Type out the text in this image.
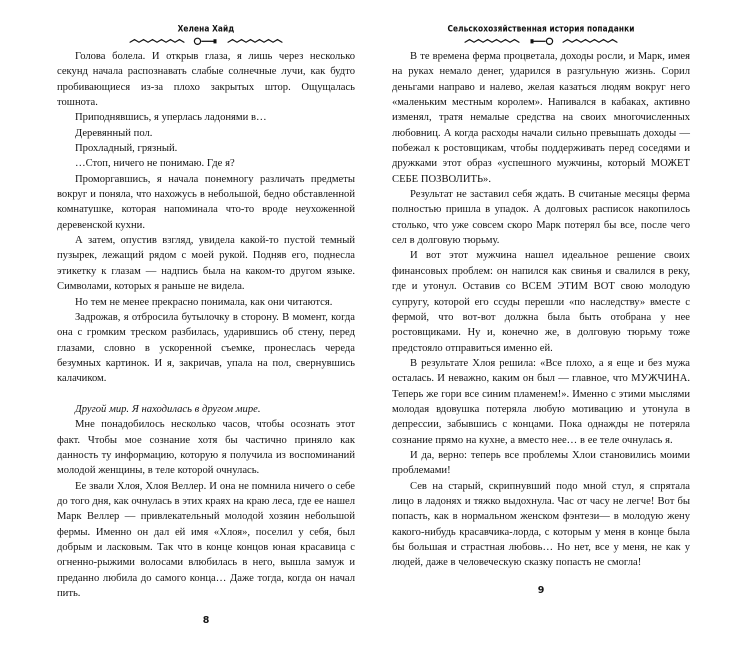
Хелена Хайд

Голова болела. И открыв глаза, я лишь через несколько секунд начала распознавать слабые солнечные лучи, как будто пробивающиеся из-за плохо закрытых штор. Ощущалась тошнота.

Приподнявшись, я уперлась ладонями в…

Деревянный пол.

Прохладный, грязный.

…Стоп, ничего не понимаю. Где я?

Проморгавшись, я начала понемногу различать предметы вокруг и поняла, что нахожусь в небольшой, бедно обставленной комнатушке, которая напоминала что-то вроде неухоженной деревенской кухни.

А затем, опустив взгляд, увидела какой-то пустой темный пузырек, лежащий рядом с моей рукой. Подняв его, поднесла этикетку к глазам — надпись была на каком-то другом языке. Символами, которых я раньше не видела.

Но тем не менее прекрасно понимала, как они читаются.

Задрожав, я отбросила бутылочку в сторону. В момент, когда она с громким треском разбилась, ударившись об стену, перед глазами, словно в ускоренной съемке, пронеслась череда безумных картинок. И я, закричав, упала на пол, свернувшись калачиком.

Другой мир. Я находилась в другом мире.

Мне понадобилось несколько часов, чтобы осознать этот факт. Чтобы мое сознание хотя бы частично приняло как данность ту информацию, которую я получила из воспоминаний молодой женщины, в теле которой очнулась.

Ее звали Хлоя, Хлоя Веллер. И она не помнила ничего о себе до того дня, как очнулась в этих краях на краю леса, где ее нашел Марк Веллер — привлекательный молодой хозяин небольшой фермы. Именно он дал ей имя «Хлоя», поселил у себя, был добрым и ласковым. Так что в конце концов юная красавица с огненно-рыжими волосами влюбилась в него, вышла замуж и преданно любила до самого конца… Даже тогда, когда он начал пить.

8
Сельскохозяйственная история попаданки

В те времена ферма процветала, доходы росли, и Марк, имея на руках немало денег, ударился в разгульную жизнь. Сорил деньгами направо и налево, желая казаться людям вокруг него «маленьким местным королем». Напивался в кабаках, активно изменял, тратя немалые средства на своих многочисленных любовниц. А когда расходы начали сильно превышать доходы — побежал к ростовщикам, чтобы поддерживать перед соседями и дружками этот образ «успешного мужчины, который МОЖЕТ СЕБЕ ПОЗВОЛИТЬ».

Результат не заставил себя ждать. В считаные месяцы ферма полностью пришла в упадок. А долговых расписок накопилось столько, что уже совсем скоро Марк потерял бы все, после чего сел в долговую тюрьму.

И вот этот мужчина нашел идеальное решение своих финансовых проблем: он напился как свинья и свалился в реку, где и утонул. Оставив со ВСЕМ ЭТИМ ВОТ свою молодую супругу, которой его ссуды перешли «по наследству» вместе с фермой, что вот-вот должна была быть отобрана у нее ростовщиками. Ну и, конечно же, в долговую тюрьму тоже предстояло отправиться именно ей.

В результате Хлоя решила: «Все плохо, а я еще и без мужа осталась. И неважно, каким он был — главное, что МУЖЧИНА. Теперь же гори все синим пламенем!». Именно с этими мыслями молодая вдовушка потеряла любую мотивацию и утонула в депрессии, забывшись с концами. Пока однажды не потеряла сознание прямо на кухне, а вместо нее… в ее теле очнулась я.

И да, верно: теперь все проблемы Хлои становились моими проблемами!

Сев на старый, скрипнувший подо мной стул, я спрятала лицо в ладонях и тяжко выдохнула. Час от часу не легче! Вот бы попасть, как в нормальном женском фэнтези— в молодую жену какого-нибудь красавчика-лорда, с которым у меня в конце была бы большая и страстная любовь… Но нет, все у меня, не как у людей, даже в человеческую сказку попасть не смогла!

9
